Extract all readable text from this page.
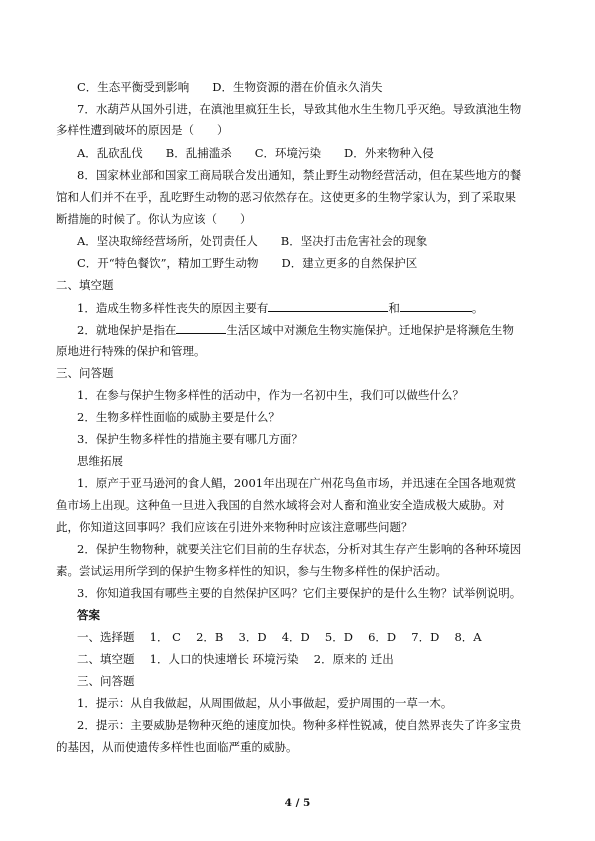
C．生态平衡受到影响　　D．生物资源的潜在价值永久消失
7．水葫芦从国外引进，在滇池里疯狂生长，导致其他水生生物几乎灭绝。导致滇池生物
多样性遭到破坏的原因是（　　）
A．乱砍乱伐　　B．乱捕滥杀　　C．环境污染　　D．外来物种入侵
8．国家林业部和国家工商局联合发出通知，禁止野生动物经营活动，但在某些地方的餐
馆和人们并不在乎，乱吃野生动物的恶习依然存在。这使更多的生物学家认为，到了采取果
断措施的时候了。你认为应该（　　）
A．坚决取缔经营场所，处罚责任人　　B．坚决打击危害社会的现象
C．开“特色餐饮”，精加工野生动物　　D．建立更多的自然保护区
二、填空题
1．造成生物多样性丧失的原因主要有	和	。
2．就地保护是指在	生活区域中对濒危生物实施保护。迁地保护是将濒危生物
原地进行特殊的保护和管理。
三、问答题
1．在参与保护生物多样性的活动中，作为一名初中生，我们可以做些什么？
2．生物多样性面临的威胁主要是什么？
3．保护生物多样性的措施主要有哪几方面？
思维拓展
1．原产于亚马逊河的食人鲳，2001年出现在广州花鸟鱼市场，并迅速在全国各地观赏
鱼市场上出现。这种鱼一旦进入我国的自然水域将会对人畜和渔业安全造成极大威胁。对
此，你知道这回事吗？我们应该在引进外来物种时应该注意哪些问题？
2．保护生物物种，就要关注它们目前的生存状态，分析对其生存产生影响的各种环境因
素。尝试运用所学到的保护生物多样性的知识，参与生物多样性的保护活动。
3．你知道我国有哪些主要的自然保护区吗？它们主要保护的是什么生物？试举例说明。
答案
一、选择题　 1． C　 2．B　 3．D　 4．D　 5．D　 6．D　 7．D　 8．A
二、填空题　 1．人口的快速增长 环境污染　 2．原来的 迁出
三、问答题
1．提示：从自我做起，从周围做起，从小事做起，爱护周围的一草一木。
2．提示：主要威胁是物种灭绝的速度加快。物种多样性锐减，使自然界丧失了许多宝贵
的基因，从而使遗传多样性也面临严重的威胁。
4 / 5
